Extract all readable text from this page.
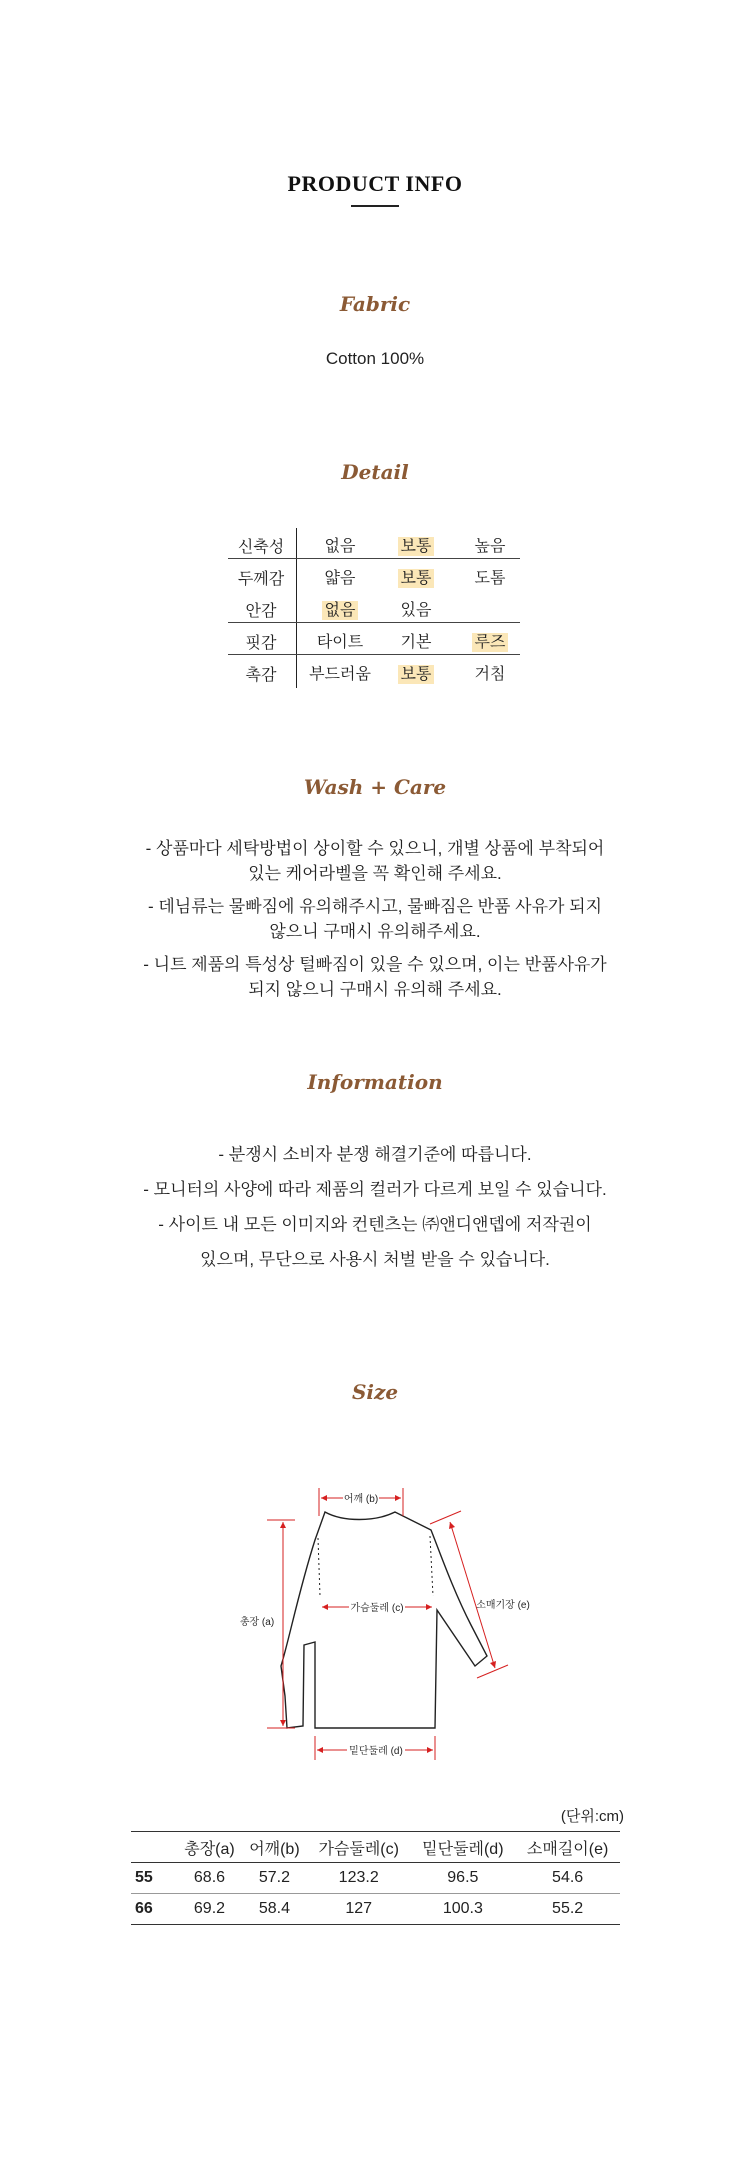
PRODUCT INFO
Fabric
Cotton 100%
Detail
신축성	없음	보통	높음
두께감	얇음	보통	도톰
안감	없음	있음
핏감	타이트	기본	루즈
촉감	부드러움	보통	거침
Wash + Care
- 상품마다 세탁방법이 상이할 수 있으니, 개별 상품에 부착되어
있는 케어라벨을 꼭 확인해 주세요.
- 데님류는 물빠짐에 유의해주시고, 물빠짐은 반품 사유가 되지
않으니 구매시 유의해주세요.
- 니트 제품의 특성상 털빠짐이 있을 수 있으며, 이는 반품사유가
되지 않으니 구매시 유의해 주세요.
Information
- 분쟁시 소비자 분쟁 해결기준에 따릅니다.
- 모니터의 사양에 따라 제품의 컬러가 다르게 보일 수 있습니다.
- 사이트 내 모든 이미지와 컨텐츠는 ㈜앤디앤뎁에 저작권이
있으며, 무단으로 사용시 처벌 받을 수 있습니다.
Size
어깨 (b)
총장 (a)
가슴둘레 (c)	소매기장 (e)
밑단둘레 (d)
(단위:cm)
	총장(a)	어깨(b)	가슴둘레(c)	밑단둘레(d)	소매길이(e)
55	68.6	57.2	123.2	96.5	54.6
66	69.2	58.4	127	100.3	55.2
